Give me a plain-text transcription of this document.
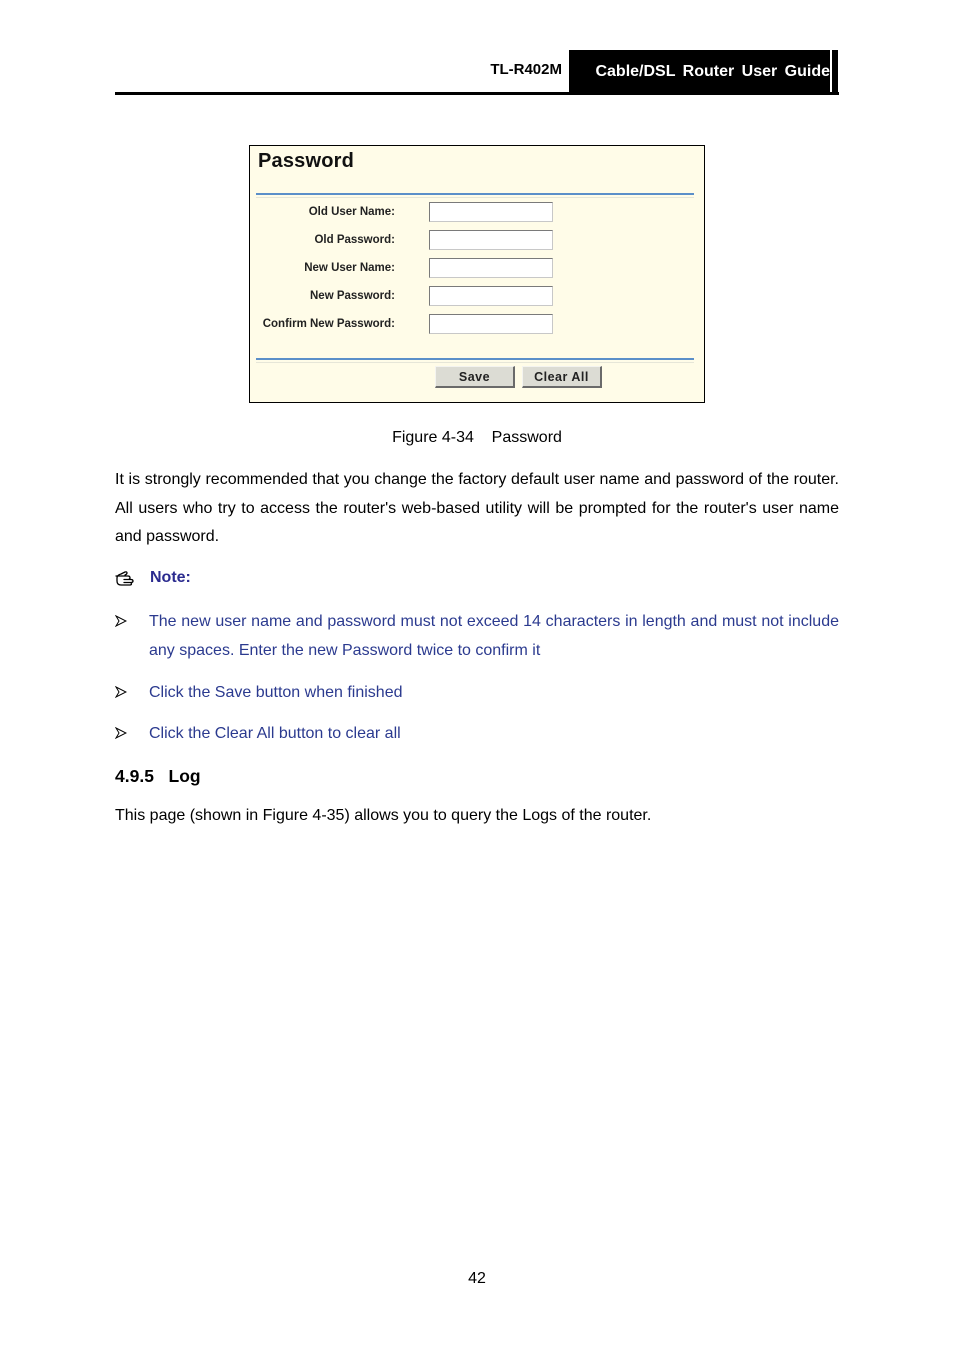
TL-R402M	Cable/DSL Router User Guide
Password
Old User Name:
Old Password:
New User Name:
New Password:
Confirm New Password:
Save	Clear All
Figure 4-34    Password
It is strongly recommended that you change the factory default user name and password of the router. All users who try to access the router's web-based utility will be prompted for the router's user name and password.
Note:
The new user name and password must not exceed 14 characters in length and must not include any spaces. Enter the new Password twice to confirm it
Click the Save button when finished
Click the Clear All button to clear all
4.9.5   Log
This page (shown in Figure 4-35) allows you to query the Logs of the router.
42
